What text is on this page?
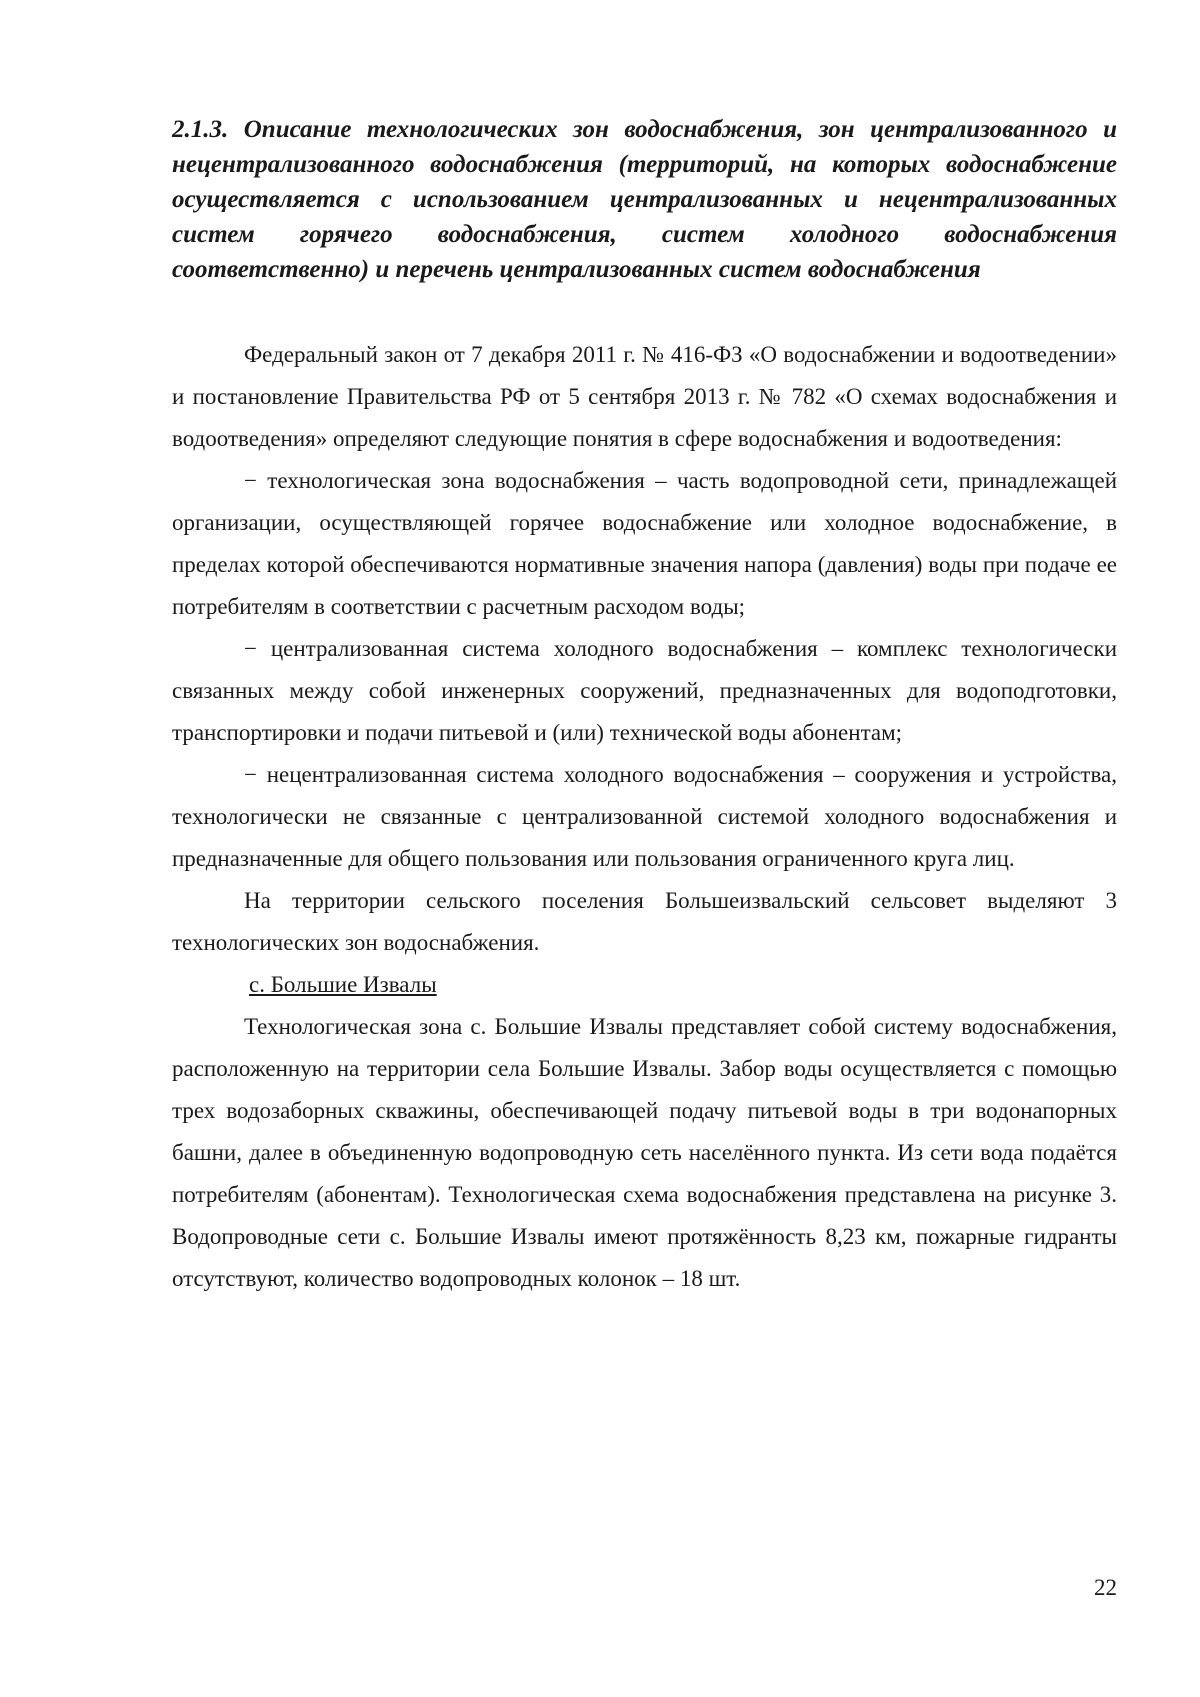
2.1.3. Описание технологических зон водоснабжения, зон централизованного и нецентрализованного водоснабжения (территорий, на которых водоснабжение осуществляется с использованием централизованных и нецентрализованных систем горячего водоснабжения, систем холодного водоснабжения соответственно) и перечень централизованных систем водоснабжения

Федеральный закон от 7 декабря 2011 г. № 416-ФЗ «О водоснабжении и водоотведении» и постановление Правительства РФ от 5 сентября 2013 г. № 782 «О схемах водоснабжения и водоотведения» определяют следующие понятия в сфере водоснабжения и водоотведения:

− технологическая зона водоснабжения – часть водопроводной сети, принадлежащей организации, осуществляющей горячее водоснабжение или холодное водоснабжение, в пределах которой обеспечиваются нормативные значения напора (давления) воды при подаче ее потребителям в соответствии с расчетным расходом воды;

− централизованная система холодного водоснабжения – комплекс технологически связанных между собой инженерных сооружений, предназначенных для водоподготовки, транспортировки и подачи питьевой и (или) технической воды абонентам;

− нецентрализованная система холодного водоснабжения – сооружения и устройства, технологически не связанные с централизованной системой холодного водоснабжения и предназначенные для общего пользования или пользования ограниченного круга лиц.

На территории сельского поселения Большеизвальский сельсовет выделяют 3 технологических зон водоснабжения.

с. Большие Извалы

Технологическая зона с. Большие Извалы представляет собой систему водоснабжения, расположенную на территории села Большие Извалы. Забор воды осуществляется с помощью трех водозаборных скважины, обеспечивающей подачу питьевой воды в три водонапорных башни, далее в объединенную водопроводную сеть населённого пункта. Из сети вода подаётся потребителям (абонентам). Технологическая схема водоснабжения представлена на рисунке 3. Водопроводные сети с. Большие Извалы имеют протяжённость 8,23 км, пожарные гидранты отсутствуют, количество водопроводных колонок – 18 шт.

22
